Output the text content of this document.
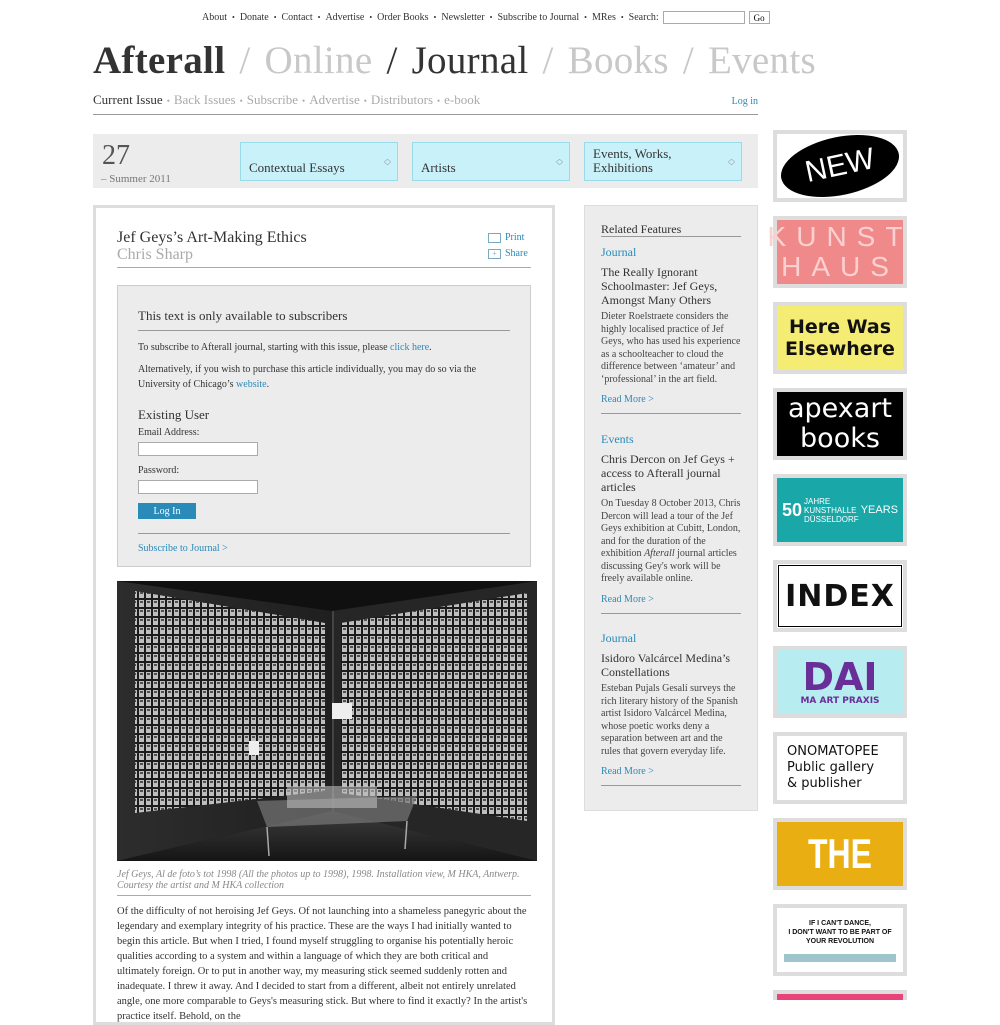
About • Donate • Contact • Advertise • Order Books • Newsletter • Subscribe to Journal • MRes • Search:	Go
Afterall / Online / Journal / Books / Events
Current Issue • Back Issues • Subscribe • Advertise • Distributors • e-book	Log in
27
– Summer 2011
Contextual Essays
︿
﹀ Artists
︿
﹀
Events, Works, Exhibitions
︿
﹀
Jef Geys’s Art-Making Ethics
Chris Sharp
Print
+ Share
This text is only available to subscribers
To subscribe to Afterall journal, starting with this issue, please click here.
Alternatively, if you wish to purchase this article individually, you may do so via the University of Chicago’s website.
Existing User
Email Address:
Password:
Log In
Subscribe to Journal >
Jef Geys, Al de foto’s tot 1998 (All the photos up to 1998), 1998. Installation view, M HKA, Antwerp. Courtesy the artist and M HKA collection
Of the difficulty of not heroising Jef Geys. Of not launching into a shameless panegyric about the legendary and exemplary integrity of his practice. These are the ways I had initially wanted to begin this article. But when I tried, I found myself struggling to organise his potentially heroic qualities according to a system and within a language of which they are both critical and ultimately foreign. Or to put in another way, my measuring stick seemed suddenly rotten and inadequate. I threw it away. And I decided to start from a different, albeit not entirely unrelated angle, one more comparable to Geys's measuring stick. But where to find it exactly? In the artist's practice itself. Behold, on the
Related Features
Journal
The Really Ignorant Schoolmaster: Jef Geys, Amongst Many Others
Dieter Roelstraete considers the highly localised practice of Jef Geys, who has used his experience as a schoolteacher to cloud the difference between ‘amateur’ and ‘professional’ in the art field.
Read More >
Events
Chris Dercon on Jef Geys + access to Afterall journal articles
On Tuesday 8 October 2013, Chris Dercon will lead a tour of the Jef Geys exhibition at Cubitt, London, and for the duration of the exhibition Afterall journal articles discussing Gey's work will be freely available online.
Read More >
Journal
Isidoro Valcárcel Medina’s Constellations
Esteban Pujals Gesalí surveys the rich literary history of the Spanish artist Isidoro Valcárcel Medina, whose poetic works deny a separation between art and the rules that govern everyday life.
Read More >
NEW
KUNST
HAUS
Here Was
Elsewhere
apexart
books
50 JAHRE
KUNSTHALLE
DÜSSELDORF
YEARS
INDEX
DAI
MA ART PRAXIS
ONOMATOPEE
Public gallery
& publisher
THE
IF I CAN'T DANCE,
I DON'T WANT TO BE PART OF
YOUR REVOLUTION
